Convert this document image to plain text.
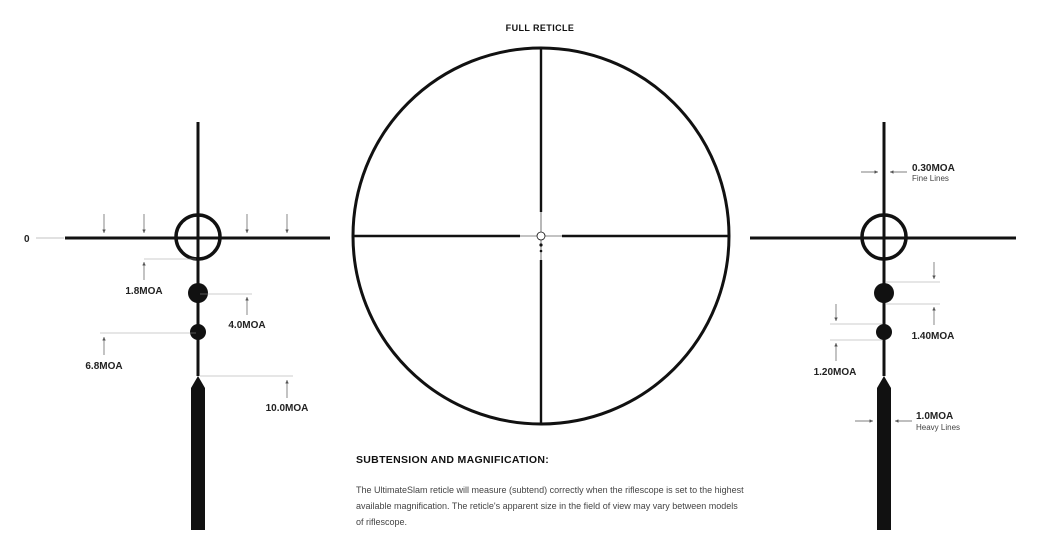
FULL RETICLE
0
1.8MOA
4.0MOA
6.8MOA
10.0MOA
0.30MOA
Fine Lines
1.40MOA
1.20MOA
1.0MOA
Heavy Lines

SUBTENSION AND MAGNIFICATION:

The UltimateSlam reticle will measure (subtend) correctly when the riflescope is set to the highest available magnification. The reticle's apparent size in the field of view may vary between models of riflescope.
